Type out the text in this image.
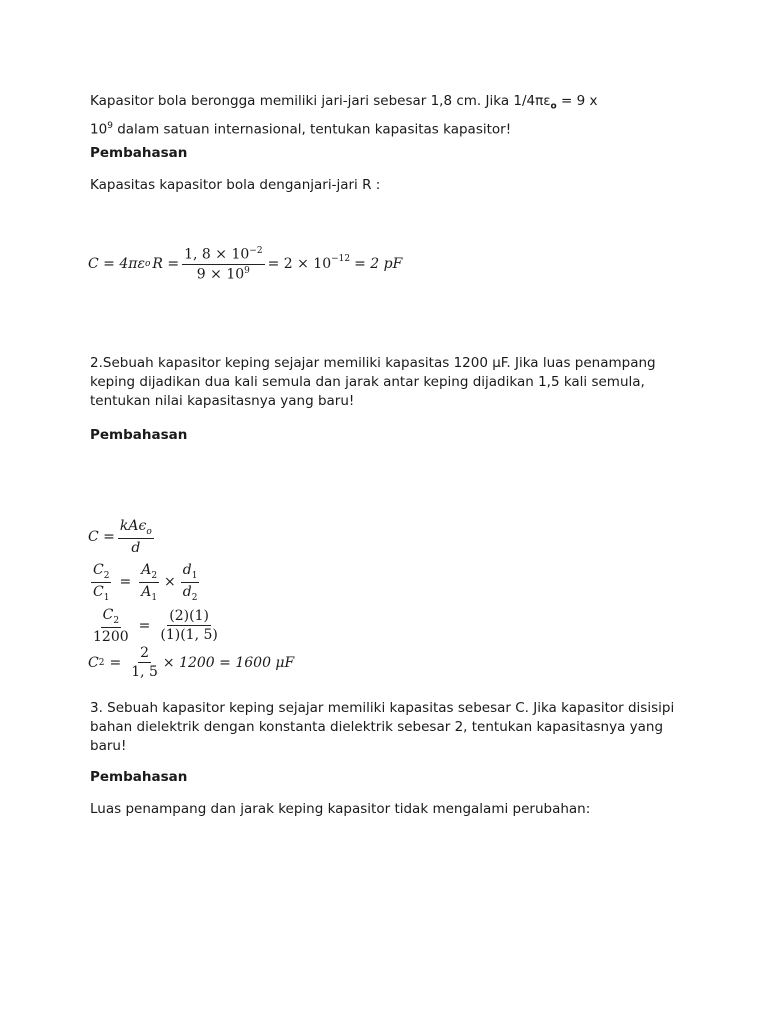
Kapasitor bola berongga memiliki jari-jari sebesar 1,8 cm. Jika $1/4\pi\varepsilon_o = 9$ x
$10^9$ dalam satuan internasional, tentukan kapasitas kapasitor!

Pembahasan

Kapasitas kapasitor bola denganjari-jari R :

C = 4πε o $R = \frac{1, 8 \times 10^{-2}}{9 \times 10^9} = 2 \times 10^{-12} = 2$ pF

2.Sebuah kapasitor keping sejajar memiliki kapasitas 1200 µF. Jika luas penampang keping dijadikan dua kali semula dan jarak antar keping dijadikan 1,5 kali semula, tentukan nilai kapasitasnya yang baru!

Pembahasan

$C = \frac{kA\epsilon_o}{d}$
$\frac{C_2}{C_1} = \frac{A_2}{A_1} \times \frac{d_1}{d_2}$
$\frac{C_2}{1200} = \frac{(2)(1)}{(1)(1, 5)}$
C $2 = \frac{2}{1, 5} \times 1200 = 1600$ μF

3. Sebuah kapasitor keping sejajar memiliki kapasitas sebesar C. Jika kapasitor disisipi bahan dielektrik dengan konstanta dielektrik sebesar 2, tentukan kapasitasnya yang baru!

Pembahasan

Luas penampang dan jarak keping kapasitor tidak mengalami perubahan:
